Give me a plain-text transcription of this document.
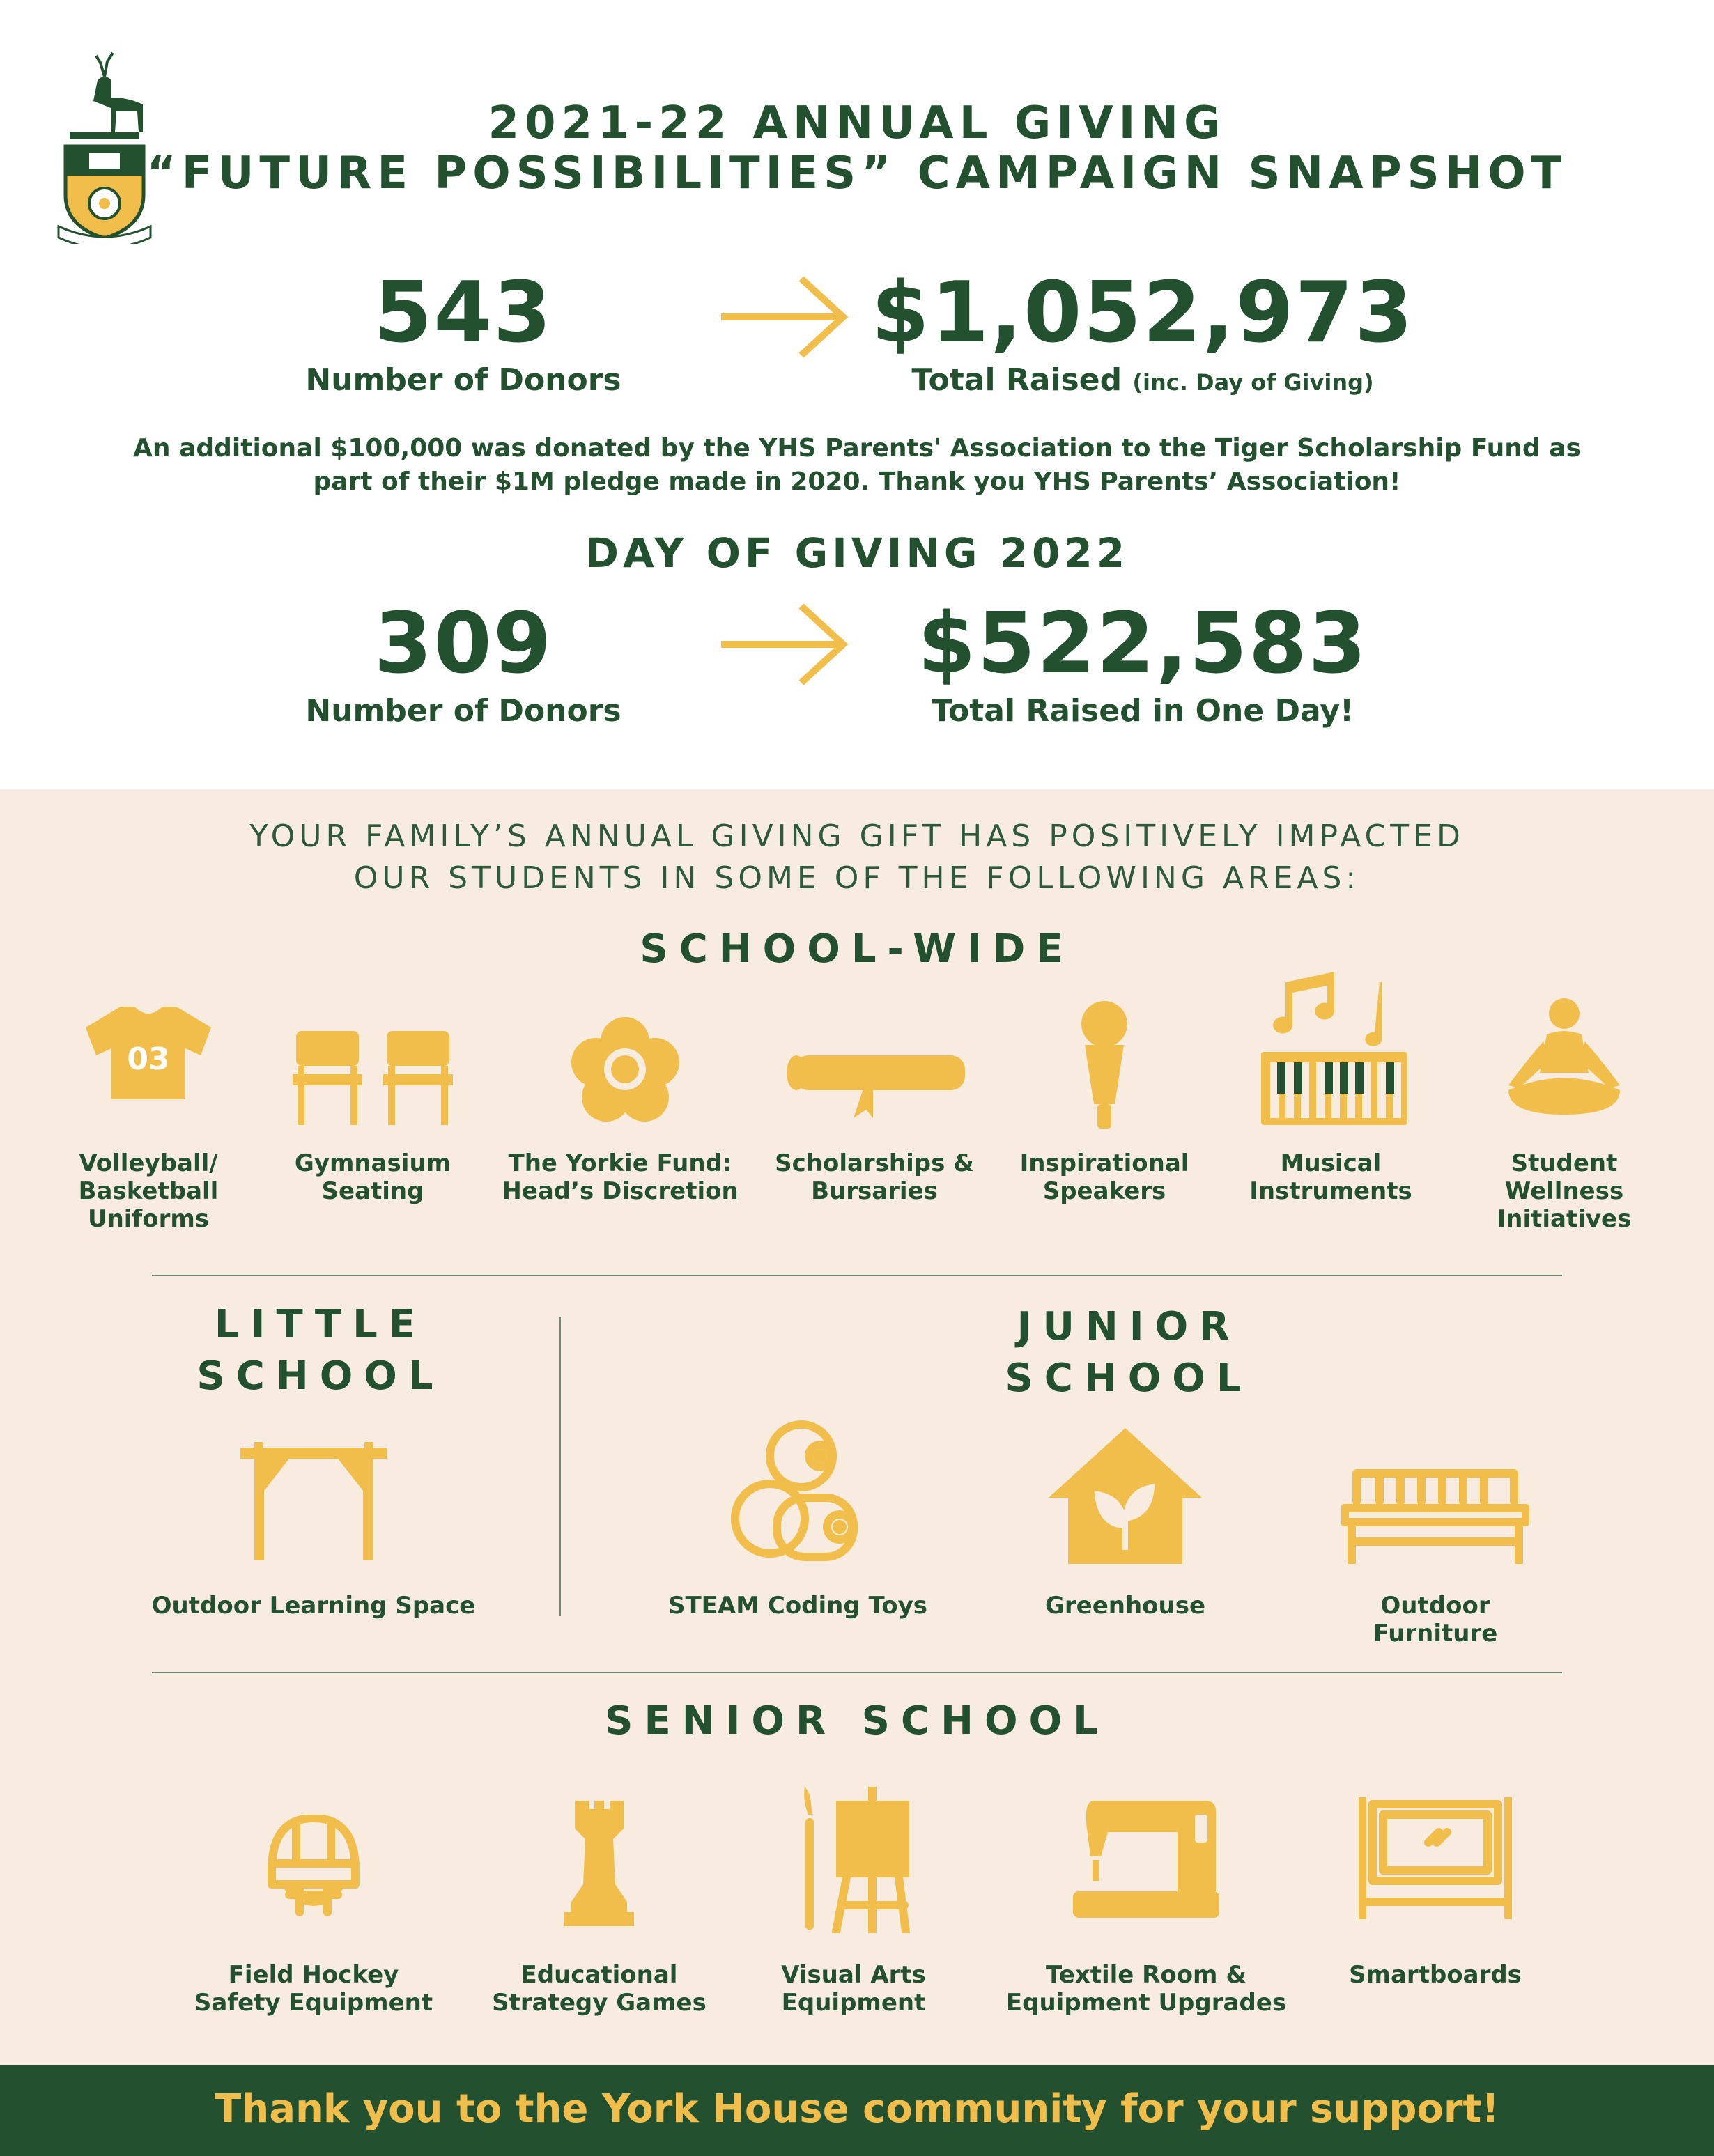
2021-22 ANNUAL GIVING
“FUTURE POSSIBILITIES” CAMPAIGN SNAPSHOT
543
Number of Donors
$1,052,973
Total Raised (inc. Day of Giving)
An additional $100,000 was donated by the YHS Parents' Association to the Tiger Scholarship Fund as part of their $1M pledge made in 2020. Thank you YHS Parents’ Association!
DAY OF GIVING 2022
309
Number of Donors
$522,583
Total Raised in One Day!
YOUR FAMILY’S ANNUAL GIVING GIFT HAS POSITIVELY IMPACTED
OUR STUDENTS IN SOME OF THE FOLLOWING AREAS:
SCHOOL-WIDE
03
Volleyball/
Basketball
Uniforms
Gymnasium
Seating
The Yorkie Fund:
Head’s Discretion
Scholarships &
Bursaries
Inspirational
Speakers
Musical
Instruments
Student
Wellness
Initiatives
LITTLE
SCHOOL
Outdoor Learning Space
JUNIOR
SCHOOL
STEAM Coding Toys	Greenhouse	Outdoor Furniture
SENIOR SCHOOL
Field Hockey
Safety Equipment
Educational
Strategy Games
Visual Arts
Equipment
Textile Room &
Equipment Upgrades
Smartboards
Thank you to the York House community for your support!
